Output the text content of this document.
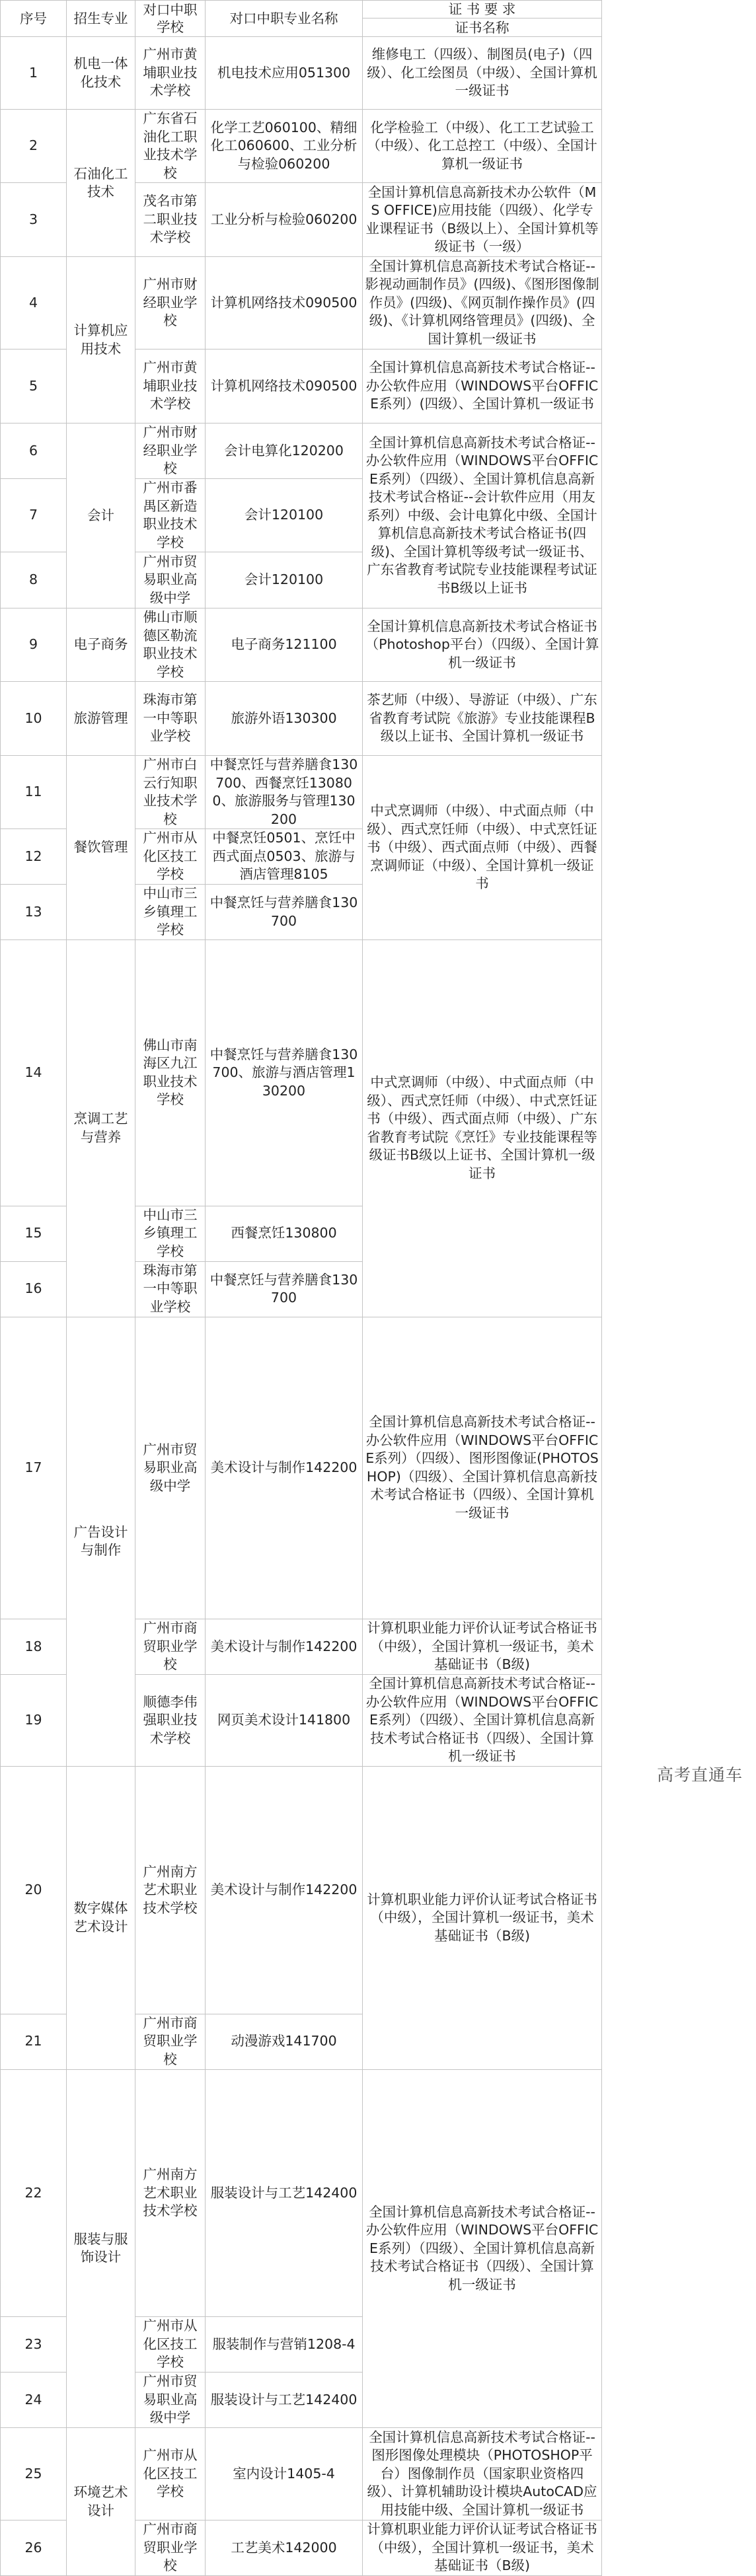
序号	招生专业	对口中职学校	对口中职专业名称	证 书 要 求	
				证书名称	
1	机电一体化技术	广州市黄埔职业技术学校	机电技术应用051300	维修电工（四级）、制图员(电子)（四级）、化工绘图员（中级）、全国计算机一级证书	
2	石油化工技术	广东省石油化工职业技术学校	化学工艺060100、精细化工060600、工业分析与检验060200	化学检验工（中级）、化工工艺试验工（中级）、化工总控工（中级）、全国计算机一级证书	
3		茂名市第二职业技术学校	工业分析与检验060200	全国计算机信息高新技术办公软件（MS OFFICE)应用技能（四级）、化学专业课程证书（B级以上）、全国计算机等级证书（一级）	
4	计算机应用技术	广州市财经职业学校	计算机网络技术090500	全国计算机信息高新技术考试合格证--影视动画制作员》(四级)、《图形图像制作员》(四级)、《网页制作操作员》(四级)、《计算机网络管理员》(四级)、全国计算机一级证书	
5		广州市黄埔职业技术学校	计算机网络技术090500	全国计算机信息高新技术考试合格证--办公软件应用（WINDOWS平台OFFICE系列）(四级）、全国计算机一级证书	
6	会计	广州市财经职业学校	会计电算化120200	全国计算机信息高新技术考试合格证--办公软件应用（WINDOWS平台OFFICE系列）（四级）、全国计算机信息高新技术考试合格证--会计软件应用（用友系列）中级、会计电算化中级、全国计算机信息高新技术考试合格证书(四级)、全国计算机等级考试一级证书、广东省教育考试院专业技能课程考试证书B级以上证书	
7		广州市番禺区新造职业技术学校	会计120100		
8		广州市贸易职业高级中学	会计120100		
9	电子商务	佛山市顺德区勒流职业技术学校	电子商务121100	全国计算机信息高新技术考试合格证书（Photoshop平台）（四级）、全国计算机一级证书	
10	旅游管理	珠海市第一中等职业学校	旅游外语130300	茶艺师（中级）、导游证（中级）、广东省教育考试院《旅游》专业技能课程B级以上证书、全国计算机一级证书	
11	餐饮管理	广州市白云行知职业技术学校	中餐烹饪与营养膳食130700、西餐烹饪130800、旅游服务与管理130200	中式烹调师（中级）、中式面点师（中级）、西式烹饪师（中级）、中式烹饪证书（中级）、西式面点师（中级）、西餐烹调师证（中级）、全国计算机一级证书	
12		广州市从化区技工学校	中餐烹饪0501、烹饪中西式面点0503、旅游与酒店管理8105		
13		中山市三乡镇理工学校	中餐烹饪与营养膳食130700		
14	烹调工艺与营养	佛山市南海区九江职业技术学校	中餐烹饪与营养膳食130700、旅游与酒店管理130200	中式烹调师（中级）、中式面点师（中级）、西式烹饪师（中级）、中式烹饪证书（中级）、西式面点师（中级）、广东省教育考试院《烹饪》专业技能课程等级证书B级以上证书、全国计算机一级证书	
15		中山市三乡镇理工学校	西餐烹饪130800		
16		珠海市第一中等职业学校	中餐烹饪与营养膳食130700		
17	广告设计与制作	广州市贸易职业高级中学	美术设计与制作142200	全国计算机信息高新技术考试合格证--办公软件应用（WINDOWS平台OFFICE系列）（四级）、图形图像证(PHOTOSHOP)（四级）、全国计算机信息高新技术考试合格证书（四级）、全国计算机一级证书	
18		广州市商贸职业学校	美术设计与制作142200	计算机职业能力评价认证考试合格证书（中级），全国计算机一级证书，美术基础证书（B级)	
19		顺德李伟强职业技术学校	网页美术设计141800	全国计算机信息高新技术考试合格证--办公软件应用（WINDOWS平台OFFICE系列）（四级）、全国计算机信息高新技术考试合格证书（四级）、全国计算机一级证书	
20	数字媒体艺术设计	广州南方艺术职业技术学校	美术设计与制作142200	计算机职业能力评价认证考试合格证书（中级），全国计算机一级证书，美术基础证书（B级)	
21		广州市商贸职业学校	动漫游戏141700		
22	服装与服饰设计	广州南方艺术职业技术学校	服装设计与工艺142400	全国计算机信息高新技术考试合格证--办公软件应用（WINDOWS平台OFFICE系列）（四级）、全国计算机信息高新技术考试合格证书（四级）、全国计算机一级证书	
23		广州市从化区技工学校	服装制作与营销1208-4		
24		广州市贸易职业高级中学	服装设计与工艺142400		
25	环境艺术设计	广州市从化区技工学校	室内设计1405-4	全国计算机信息高新技术考试合格证--图形图像处理模块（PHOTOSHOP平台）图像制作员（国家职业资格四级）、计算机辅助设计模块AutoCAD应用技能中级、全国计算机一级证书	
26		广州市商贸职业学校	工艺美术142000	计算机职业能力评价认证考试合格证书（中级），全国计算机一级证书，美术基础证书（B级)	
高考直通车
